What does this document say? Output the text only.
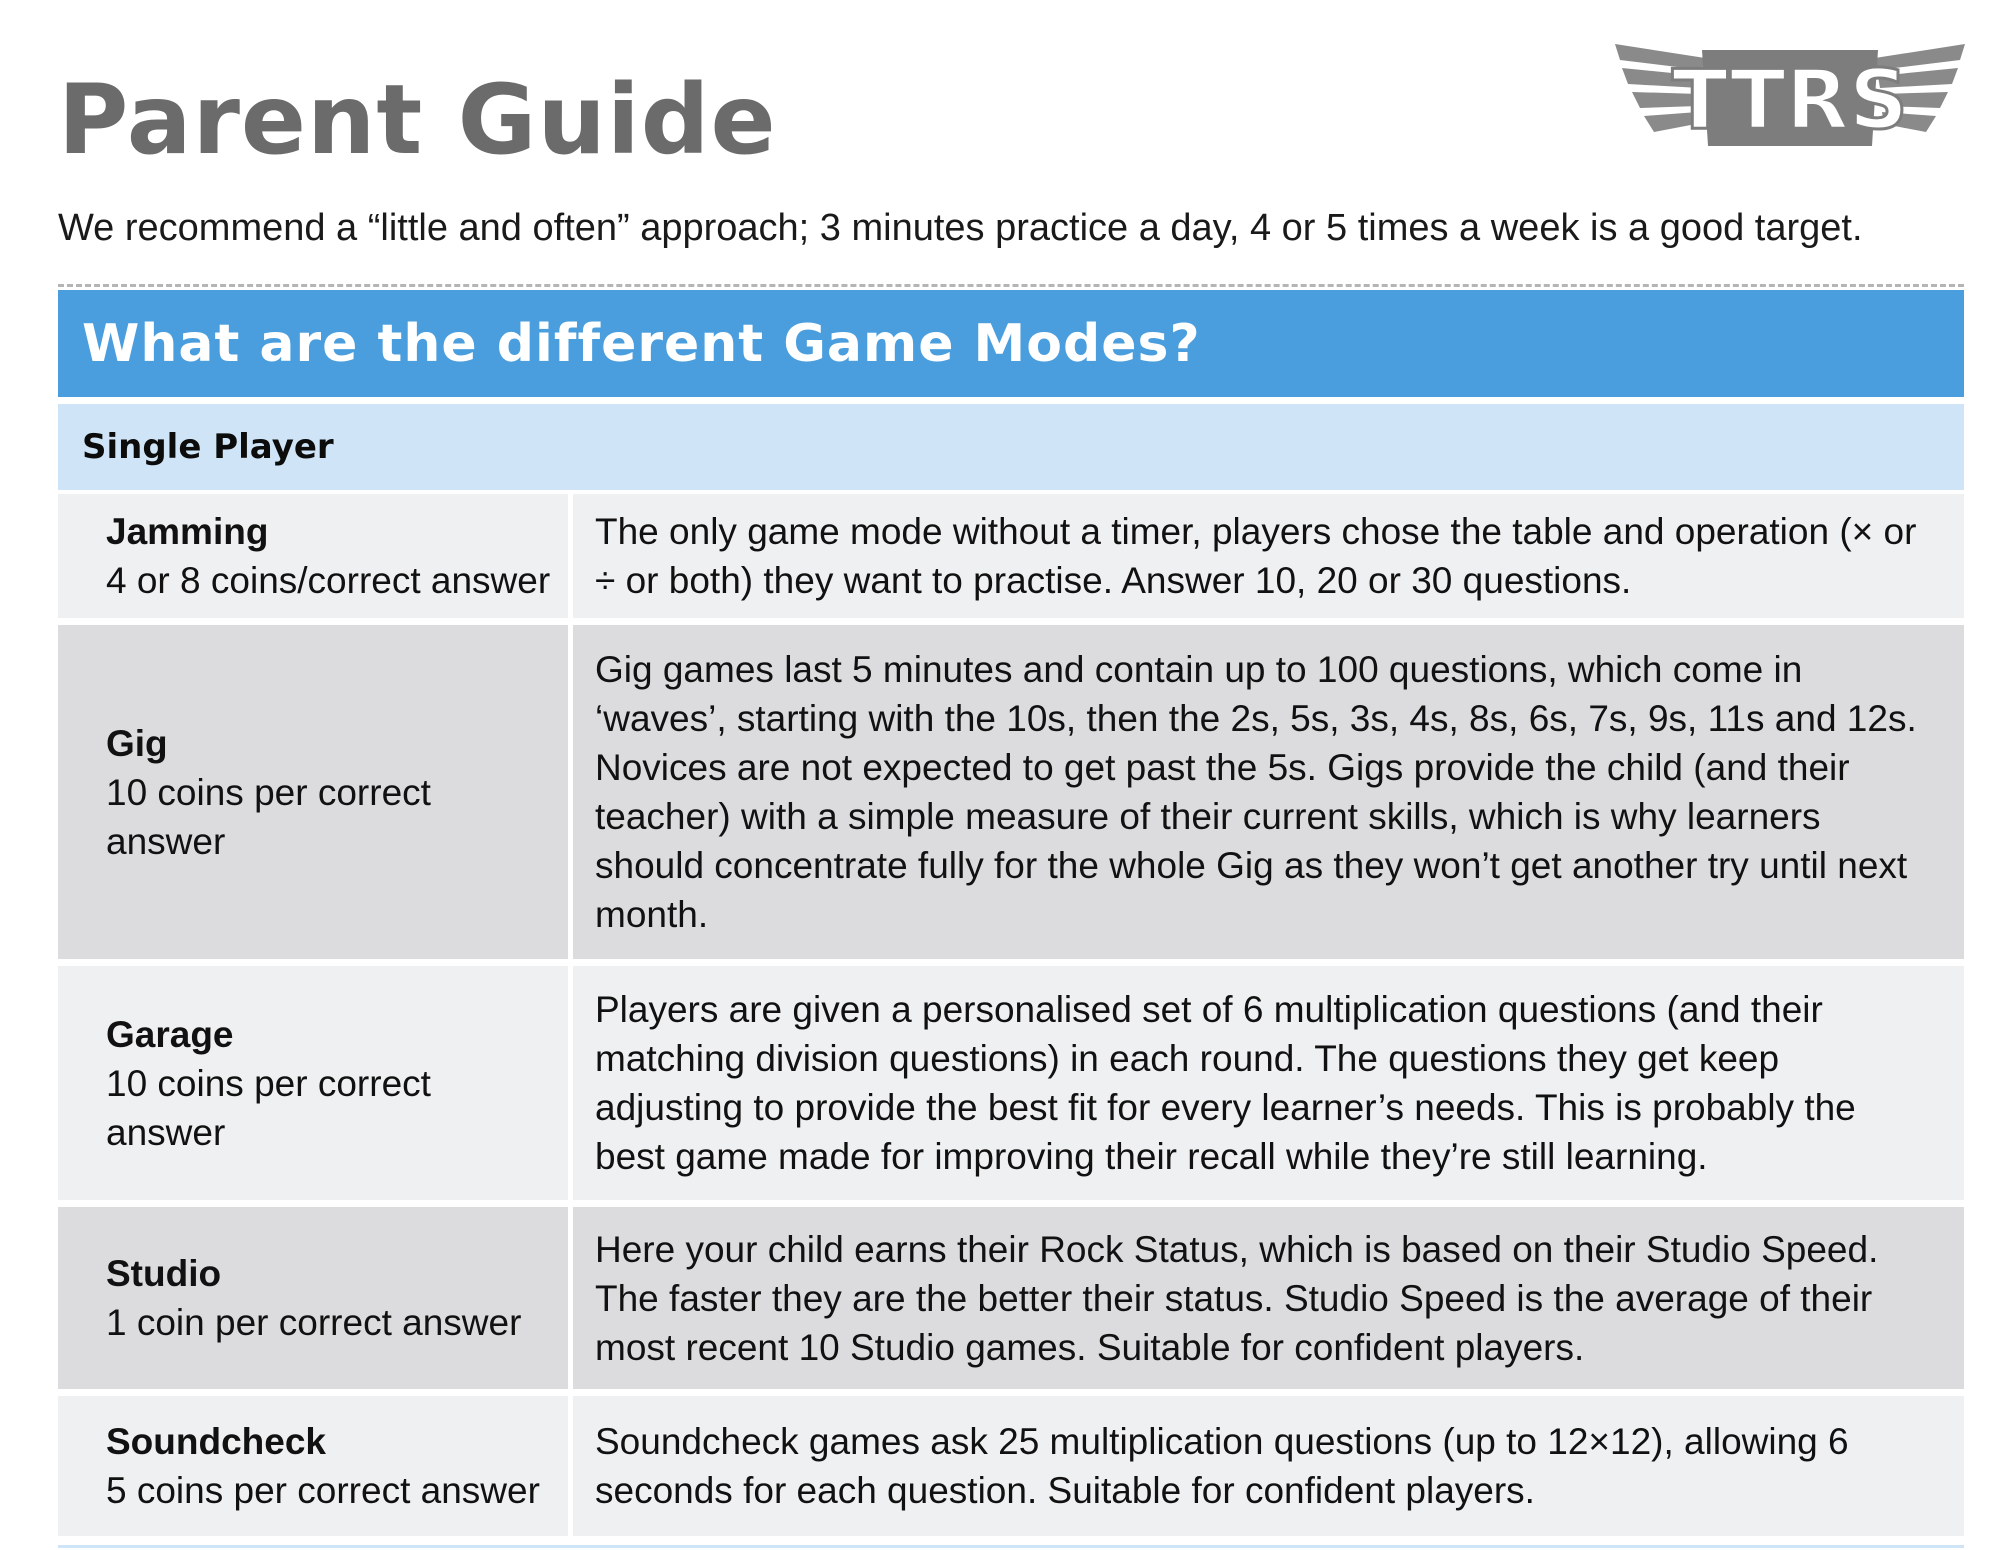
Parent Guide	TTRS

We recommend a “little and often” approach; 3 minutes practice a day, 4 or 5 times a week is a good target.

What are the different Game Modes?
Single Player
Jamming
4 or 8 coins/correct answer
The only game mode without a timer, players chose the table and operation (× or ÷ or both) they want to practise. Answer 10, 20 or 30 questions.
Gig
10 coins per correct answer
Gig games last 5 minutes and contain up to 100 questions, which come in ‘waves’, starting with the 10s, then the 2s, 5s, 3s, 4s, 8s, 6s, 7s, 9s, 11s and 12s. Novices are not expected to get past the 5s. Gigs provide the child (and their teacher) with a simple measure of their current skills, which is why learners should concentrate fully for the whole Gig as they won’t get another try until next month.
Garage
10 coins per correct answer
Players are given a personalised set of 6 multiplication questions (and their matching division questions) in each round. The questions they get keep adjusting to provide the best fit for every learner’s needs. This is probably the best game made for improving their recall while they’re still learning.
Studio
1 coin per correct answer
Here your child earns their Rock Status, which is based on their Studio Speed. The faster they are the better their status. Studio Speed is the average of their most recent 10 Studio games. Suitable for confident players.
Soundcheck
5 coins per correct answer
Soundcheck games ask 25 multiplication questions (up to 12×12), allowing 6 seconds for each question. Suitable for confident players.
